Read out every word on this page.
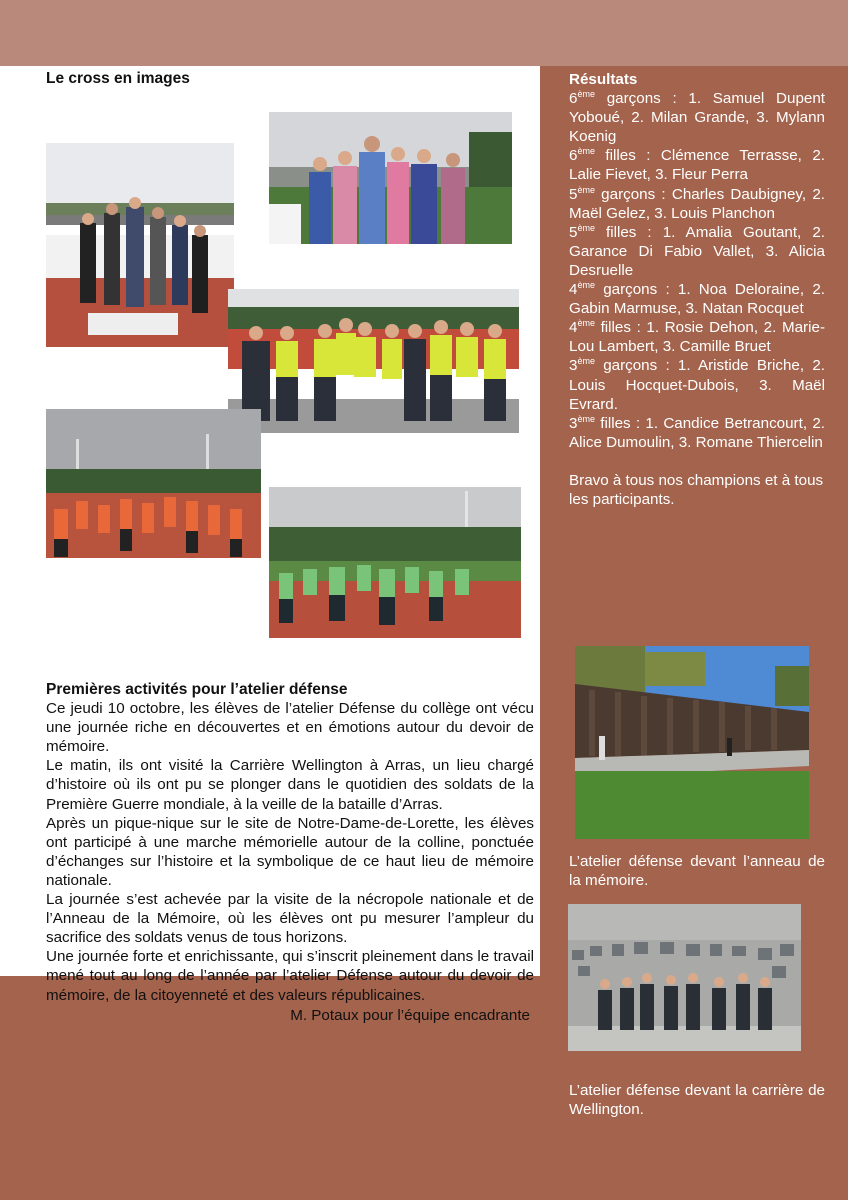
Le cross en images	Résultats
6ème garçons : 1. Samuel Dupent Yoboué, 2. Milan Grande, 3. Mylann Koenig
6ème filles : Clémence Terrasse, 2. Lalie Fievet, 3. Fleur Perra
5ème garçons : Charles Daubigney, 2. Maël Gelez, 3. Louis Planchon
5ème filles : 1. Amalia Goutant, 2. Garance Di Fabio Vallet, 3. Alicia Desruelle
4ème garçons : 1. Noa Deloraine, 2. Gabin Marmuse, 3. Natan Rocquet
4ème filles : 1. Rosie Dehon, 2. Marie-Lou Lambert, 3. Camille Bruet
3ème garçons : 1. Aristide Briche, 2. Louis Hocquet-Dubois, 3. Maël Evrard.
3ème filles : 1. Candice Betrancourt, 2. Alice Dumoulin, 3. Romane Thiercelin
Bravo à tous nos champions et à tous les participants.
L’atelier défense devant l’anneau de la mémoire.
L’atelier défense devant la carrière de Wellington.
Premières activités pour l’atelier défense

Ce jeudi 10 octobre, les élèves de l’atelier Défense du collège ont vécu une journée riche en découvertes et en émotions autour du devoir de mémoire.

Le matin, ils ont visité la Carrière Wellington à Arras, un lieu chargé d’histoire où ils ont pu se plonger dans le quotidien des soldats de la Première Guerre mondiale, à la veille de la bataille d’Arras.

Après un pique-nique sur le site de Notre-Dame-de-Lorette, les élèves ont participé à une marche mémorielle autour de la colline, ponctuée d’échanges sur l’histoire et la symbolique de ce haut lieu de mémoire nationale.

La journée s’est achevée par la visite de la nécropole nationale et de l’Anneau de la Mémoire, où les élèves ont pu mesurer l’ampleur du sacrifice des soldats venus de tous horizons.

Une journée forte et enrichissante, qui s’inscrit pleinement dans le travail mené tout au long de l’année par l’atelier Défense autour du devoir de mémoire, de la citoyenneté et des valeurs républicaines.

M. Potaux pour l’équipe encadrante
